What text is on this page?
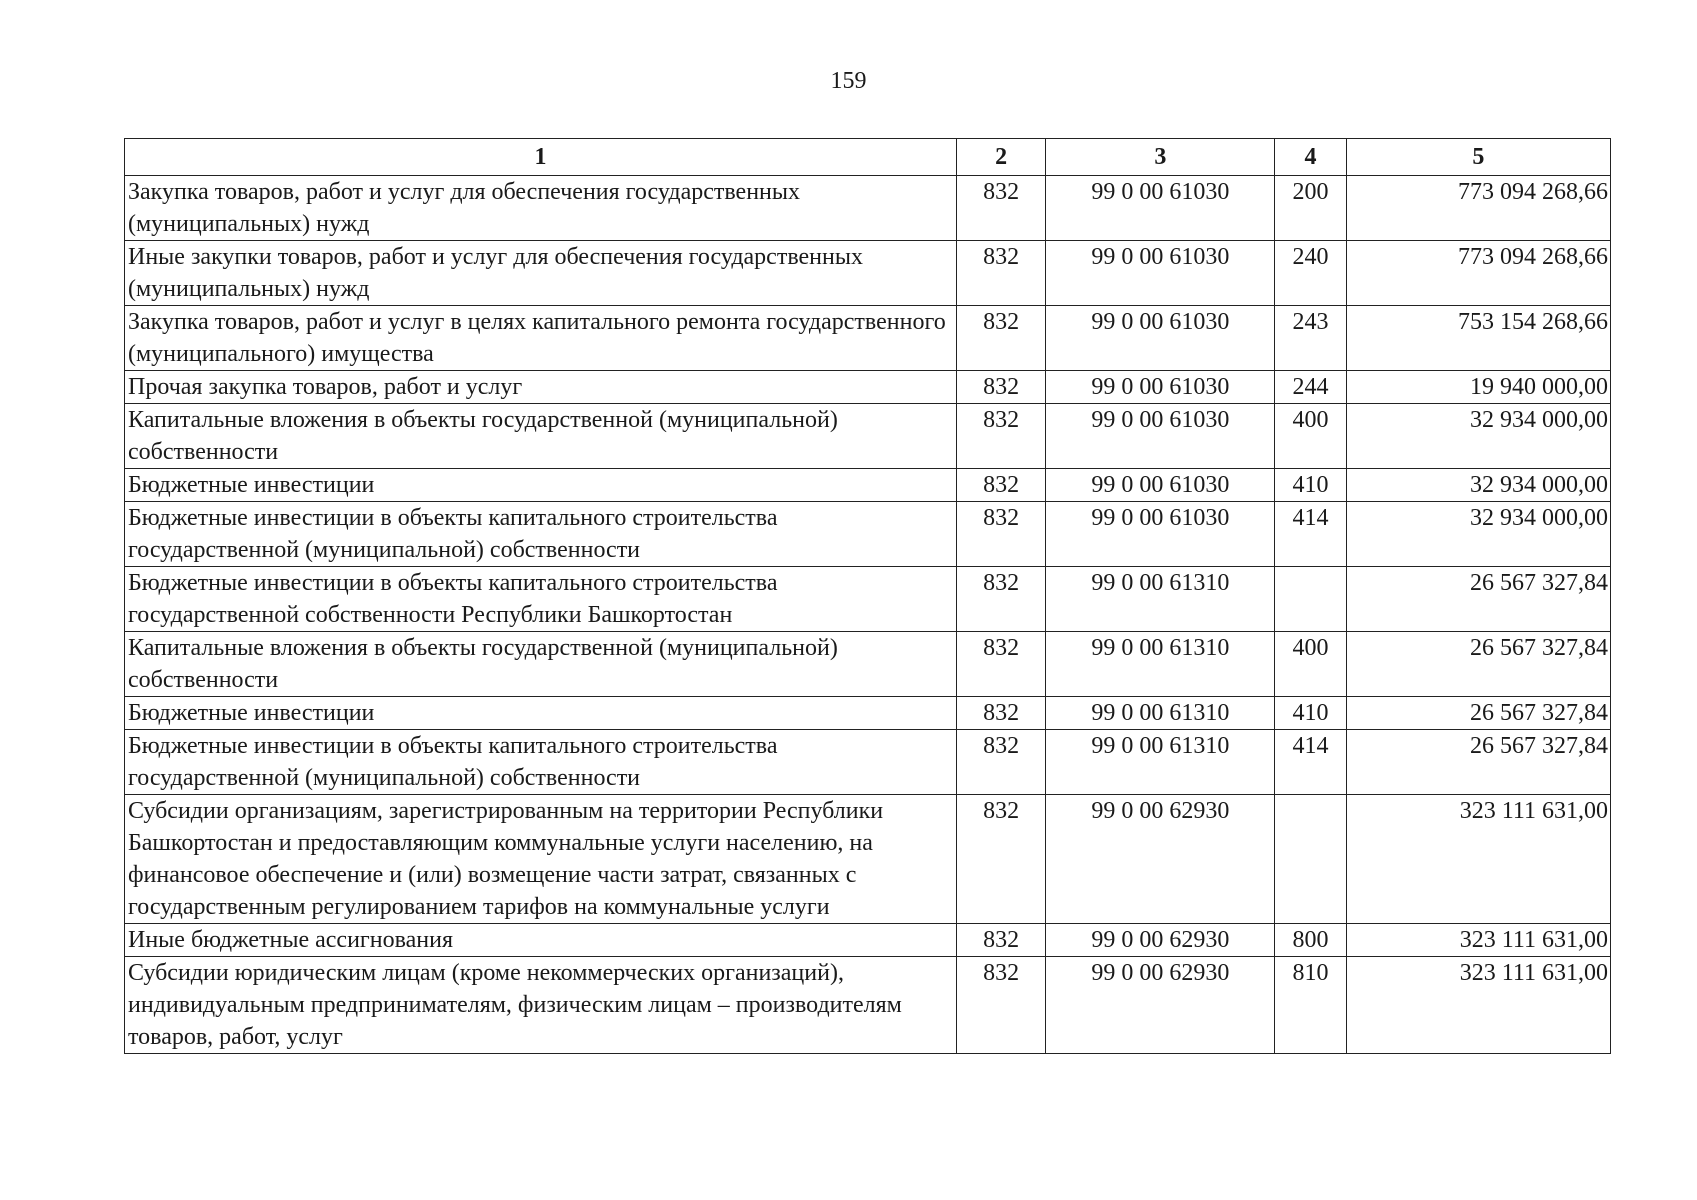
159
1	2	3	4	5
Закупка товаров, работ и услуг для обеспечения государственных (муниципальных) нужд	832	99 0 00 61030	200	773 094 268,66
Иные закупки товаров, работ и услуг для обеспечения государственных (муниципальных) нужд	832	99 0 00 61030	240	773 094 268,66
Закупка товаров, работ и услуг в целях капитального ремонта государственного (муниципального) имущества	832	99 0 00 61030	243	753 154 268,66
Прочая закупка товаров, работ и услуг	832	99 0 00 61030	244	19 940 000,00
Капитальные вложения в объекты государственной (муниципальной) собственности	832	99 0 00 61030	400	32 934 000,00
Бюджетные инвестиции	832	99 0 00 61030	410	32 934 000,00
Бюджетные инвестиции в объекты капитального строительства государственной (муниципальной) собственности	832	99 0 00 61030	414	32 934 000,00
Бюджетные инвестиции в объекты капитального строительства государственной собственности Республики Башкортостан	832	99 0 00 61310		26 567 327,84
Капитальные вложения в объекты государственной (муниципальной) собственности	832	99 0 00 61310	400	26 567 327,84
Бюджетные инвестиции	832	99 0 00 61310	410	26 567 327,84
Бюджетные инвестиции в объекты капитального строительства государственной (муниципальной) собственности	832	99 0 00 61310	414	26 567 327,84
Субсидии организациям, зарегистрированным на территории Республики Башкортостан и предоставляющим коммунальные услуги населению, на финансовое обеспечение и (или) возмещение части затрат, связанных с государственным регулированием тарифов на коммунальные услуги	832	99 0 00 62930		323 111 631,00
Иные бюджетные ассигнования	832	99 0 00 62930	800	323 111 631,00
Субсидии юридическим лицам (кроме некоммерческих организаций), индивидуальным предпринимателям, физическим лицам – производителям товаров, работ, услуг	832	99 0 00 62930	810	323 111 631,00
